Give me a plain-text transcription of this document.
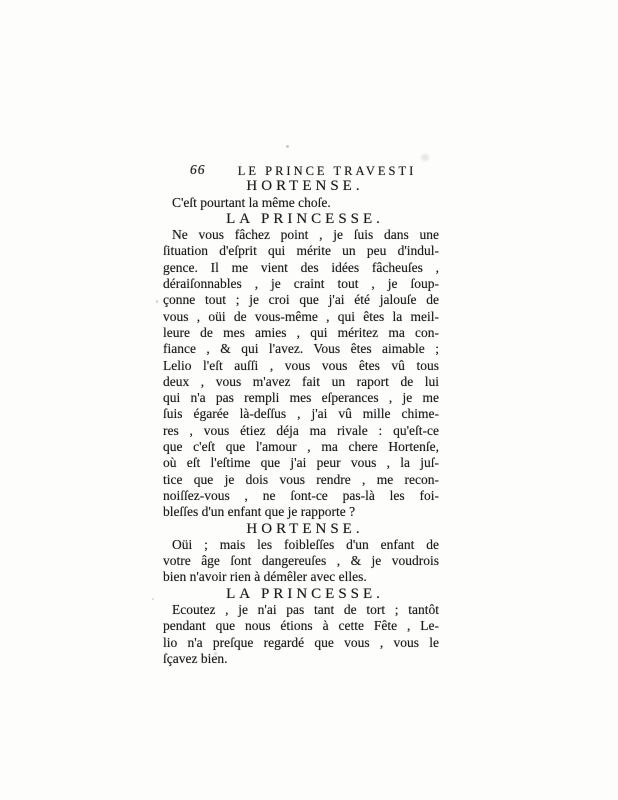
66	LE PRINCE TRAVESTI
HORTENSE.
C'eſt pourtant la même choſe.
LA PRINCESSE.
Ne vous fâchez point , je ſuis dans une
ſituation d'eſprit qui mérite un peu d'indul-
gence. Il me vient des idées fâcheuſes ,
déraiſonnables , je craint tout , je ſoup-
çonne tout ; je croi que j'ai été jalouſe de
vous , oüi de vous-même , qui êtes la meil-
leure de mes amies , qui méritez ma con-
fiance , & qui l'avez. Vous êtes aimable ;
Lelio l'eſt auſſi , vous vous êtes vû tous
deux , vous m'avez fait un raport de lui
qui n'a pas rempli mes eſperances , je me
ſuis égarée là-deſſus , j'ai vû mille chime-
res , vous étiez déja ma rivale : qu'eſt-ce
que c'eſt que l'amour , ma chere Hortenſe,
où eſt l'eſtime que j'ai peur vous , la juſ-
tice que je dois vous rendre , me recon-
noiſſez-vous , ne ſont-ce pas-là les foi-
bleſſes d'un enfant que je rapporte ?
HORTENSE.
Oüi ; mais les foibleſſes d'un enfant de
votre âge ſont dangereuſes , & je voudrois
bien n'avoir rien à démêler avec elles.
LA PRINCESSE.
Ecoutez , je n'ai pas tant de tort ; tantôt
pendant que nous étions à cette Fête , Le-
lio n'a preſque regardé que vous , vous le
ſçavez bien.
